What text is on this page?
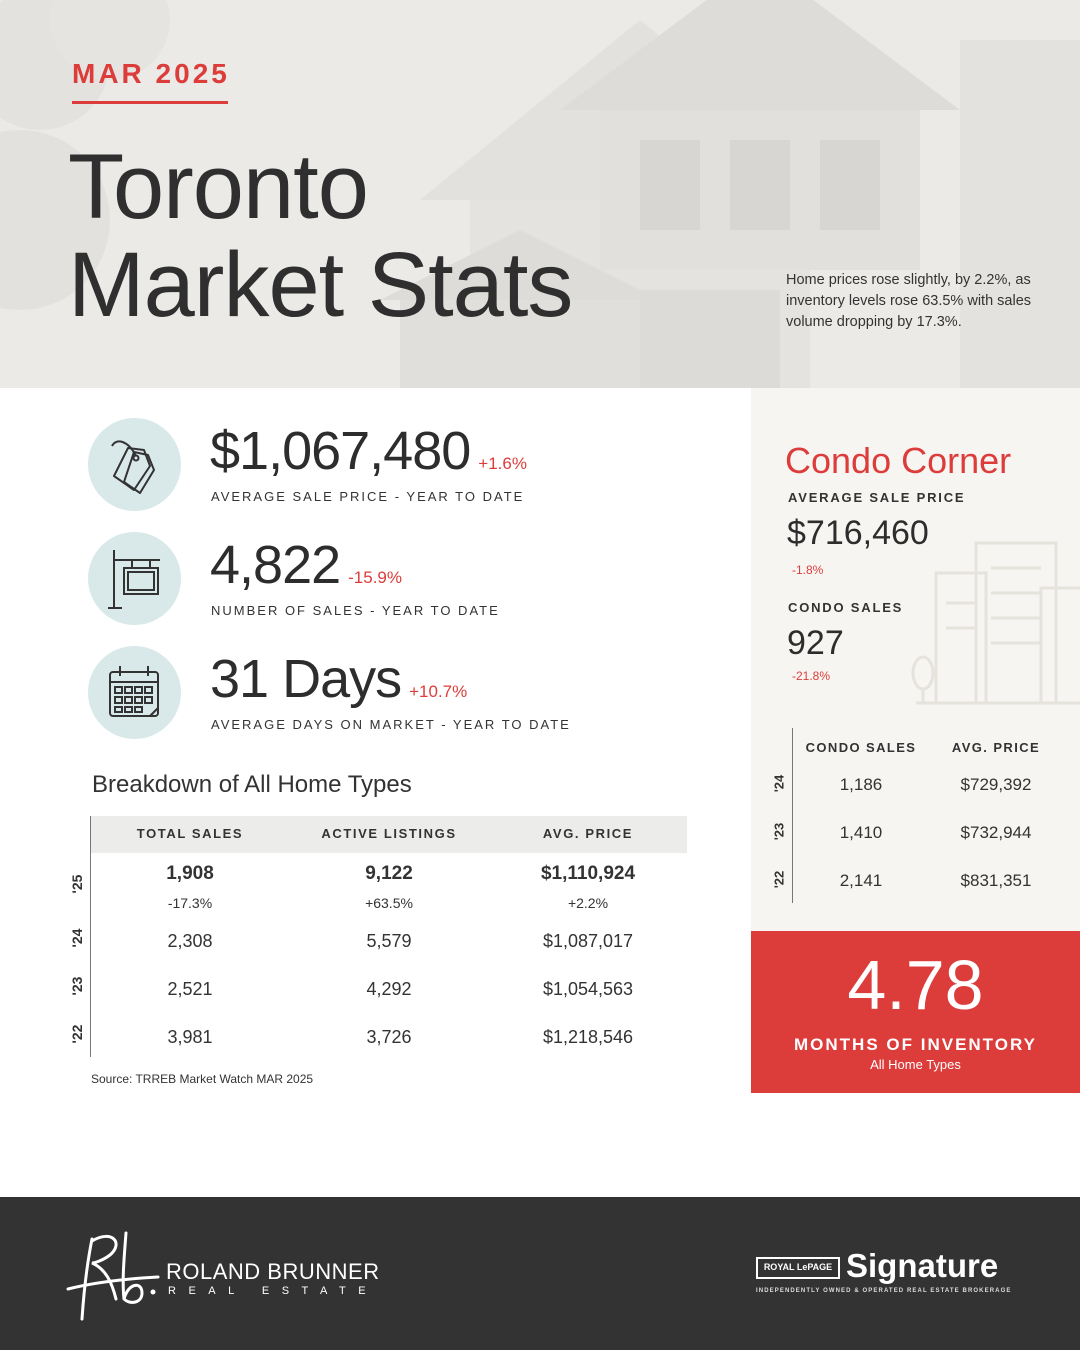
MAR 2025
Toronto
Market Stats	Home prices rose slightly, by 2.2%, as inventory levels rose 63.5% with sales volume dropping by 17.3%.
$1,067,480 +1.6%
AVERAGE SALE PRICE - YEAR TO DATE
4,822 -15.9%
NUMBER OF SALES - YEAR TO DATE
31 Days +10.7%
AVERAGE DAYS ON MARKET - YEAR TO DATE
Breakdown of All Home Types
TOTAL SALES	ACTIVE LISTINGS	AVG. PRICE
'25	1,908	9,122	$1,110,924
-17.3%	+63.5%	+2.2%
'24	2,308	5,579	$1,087,017
'23	2,521	4,292	$1,054,563
'22	3,981	3,726	$1,218,546
Source: TRREB Market Watch MAR 2025
Condo Corner
AVERAGE SALE PRICE
$716,460
-1.8%
CONDO SALES
927
-21.8%
CONDO SALES	AVG. PRICE
'24	1,186	$729,392
'23	1,410	$732,944
'22	2,141	$831,351
4.78
MONTHS OF INVENTORY
All Home Types
ROLAND BRUNNER
REAL ESTATE
ROYAL LePAGE Signature
INDEPENDENTLY OWNED & OPERATED REAL ESTATE BROKERAGE
